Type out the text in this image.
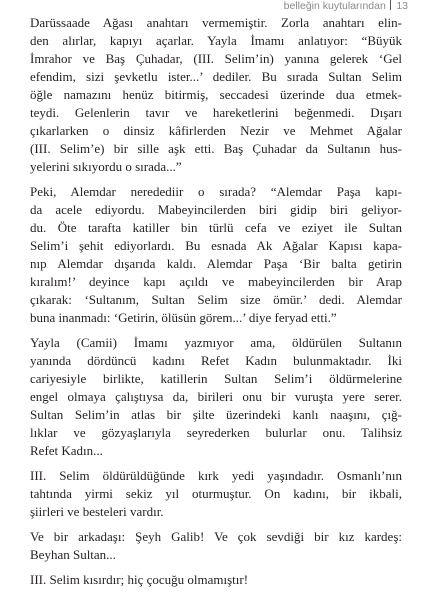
belleğin kuytularından 13
Darüssaade Ağası anahtarı vermemiştir. Zorla anahtarı elin-
den alırlar, kapıyı açarlar. Yayla İmamı anlatıyor: “Büyük
İmrahor ve Baş Çuhadar, (III. Selim’in) yanına gelerek ‘Gel
efendim, sizi şevketlu ister...’ dediler. Bu sırada Sultan Selim
öğle namazını henüz bitirmiş, seccadesi üzerinde dua etmek-
teydi. Gelenlerin tavır ve hareketlerini beğenmedi. Dışarı
çıkarlarken o dinsiz kâfirlerden Nezir ve Mehmet Ağalar
(III. Selim’e) bir sille aşk etti. Baş Çuhadar da Sultanın hus-
yelerini sıkıyordu o sırada...”
Peki, Alemdar neredediir o sırada? “Alemdar Paşa kapı-
da acele ediyordu. Mabeyincilerden biri gidip biri geliyor-
du. Öte tarafta katiller bin türlü cefa ve eziyet ile Sultan
Selim’i şehit ediyorlardı. Bu esnada Ak Ağalar Kapısı kapa-
nıp Alemdar dışarıda kaldı. Alemdar Paşa ‘Bir balta getirin
kıralım!’ deyince kapı açıldı ve mabeyincilerden bir Arap
çıkarak: ‘Sultanım, Sultan Selim size ömür.’ dedi. Alemdar
buna inanmadı: ‘Getirin, ölüsün görem...’ diye feryad etti.”
Yayla (Camii) İmamı yazmıyor ama, öldürülen Sultanın
yanında dördüncü kadını Refet Kadın bulunmaktadır. İki
cariyesiyle birlikte, katillerin Sultan Selim’i öldürmelerine
engel olmaya çalıştıysa da, birileri onu bir vuruşta yere serer.
Sultan Selim’in atlas bir şilte üzerindeki kanlı naaşını, çığ-
lıklar ve gözyaşlarıyla seyrederken bulurlar onu. Talihsiz
Refet Kadın...
III. Selim öldürüldüğünde kırk yedi yaşındadır. Osmanlı’nın
tahtında yirmi sekiz yıl oturmuştur. On kadını, bir ikbali,
şiirleri ve besteleri vardır.
Ve bir arkadaşı: Şeyh Galib! Ve çok sevdiği bir kız kardeş:
Beyhan Sultan...
III. Selim kısırdır; hiç çocuğu olmamıştır!
